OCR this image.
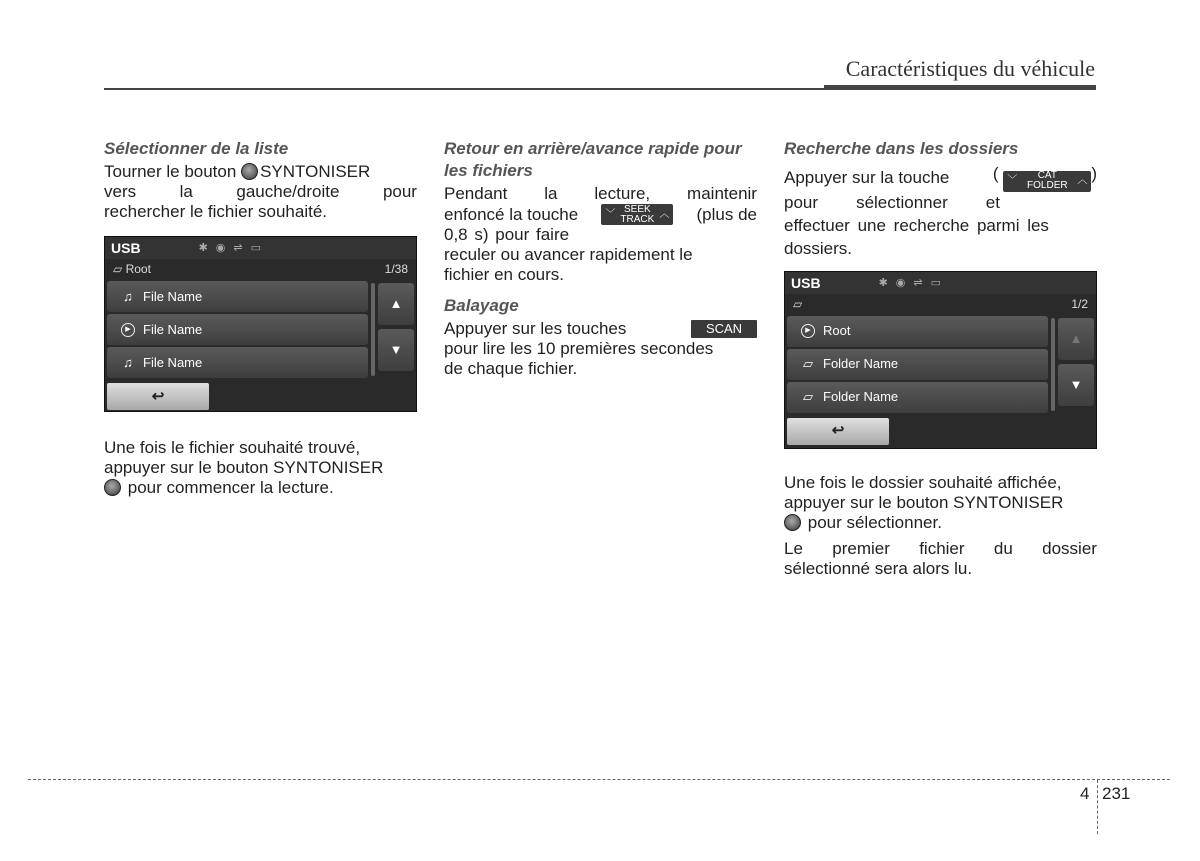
Caractéristiques du véhicule
Sélectionner de la liste
Tourner le bouton SYNTONISER
vers	la	gauche/droite	pour
rechercher le fichier souhaité.
USB	✱ ◉ ⇌ ▭
▱ Root	1/38
♫ File Name
▶ File Name
♫ File Name
▲
▼
↩
Une fois le fichier souhaité trouvé,
appuyer sur le bouton SYNTONISER
pour commencer la lecture.
Retour en arrière/avance rapide pour les fichiers
Pendant la lecture, maintenir
enfoncé la touche	﹀ SEEK
TRACK ︿ (plus de
0,8 s) pour faire
reculer ou avancer rapidement le
fichier en cours.
Balayage
Appuyer sur les touches	SCAN
pour lire les 10 premières secondes
de chaque fichier.
Recherche dans les dossiers
Appuyer sur la touche	( ﹀ CAT
FOLDER ︿ )
pour sélectionner et
effectuer une recherche parmi les
dossiers.
USB	✱ ◉ ⇌ ▭
▱	1/2
▶ Root
▱ Folder Name
▱ Folder Name
▲
▼
↩
Une fois le dossier souhaité affichée,
appuyer sur le bouton SYNTONISER
pour sélectionner.
Le premier fichier du dossier
sélectionné sera alors lu.
4 231
